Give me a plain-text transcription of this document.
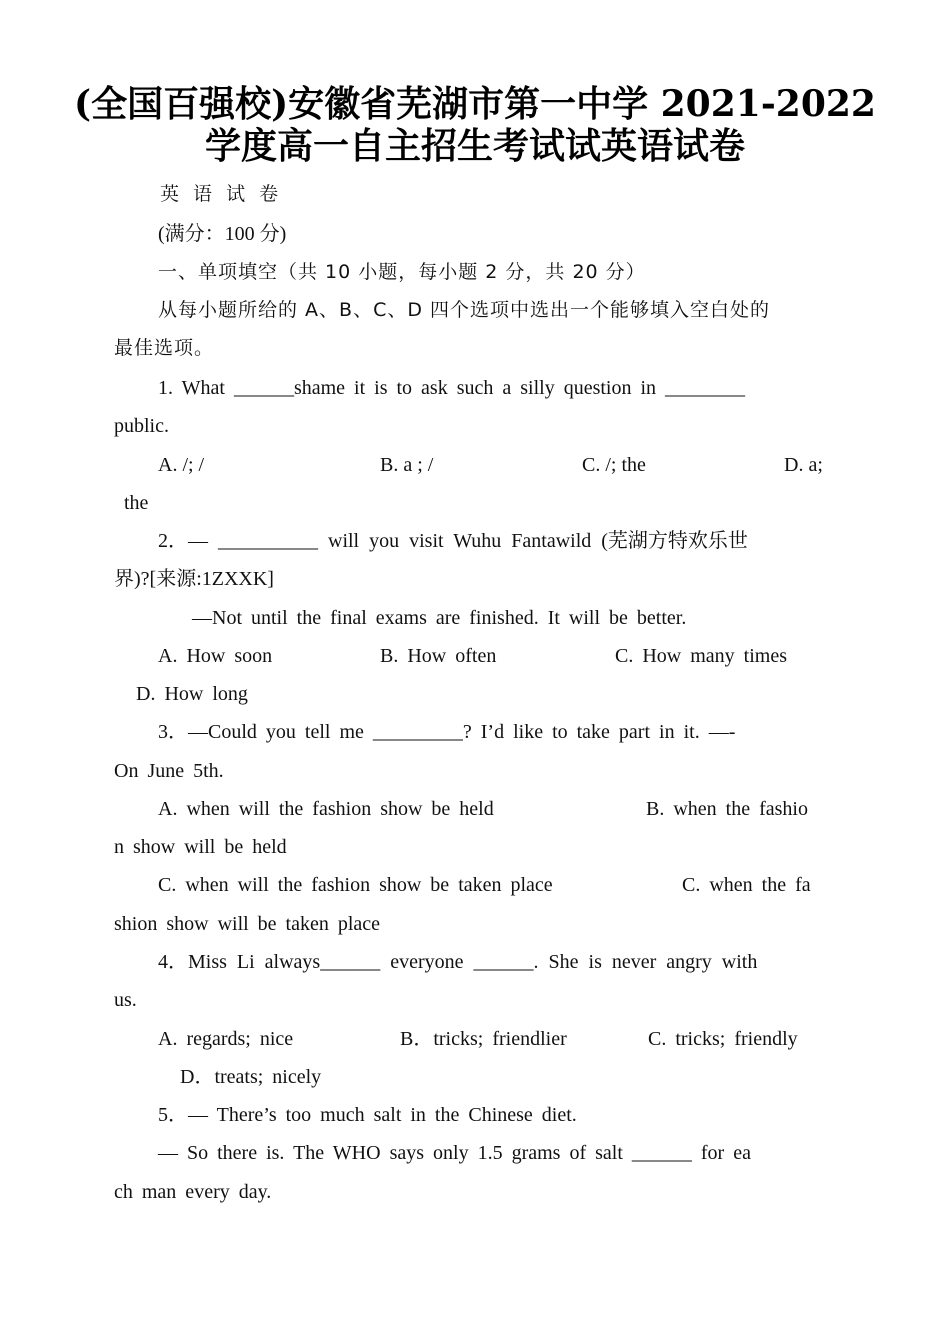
(全国百强校)安徽省芜湖市第一中学 2021-2022
学度高一自主招生考试试英语试卷
英 语 试 卷
(满分：100 分)
一、单项填空（共 10 小题，每小题 2 分，共 20 分）
从每小题所给的 A、B、C、D 四个选项中选出一个能够填入空白处的
最佳选项。
1. What ______shame it is to ask such a silly question in ________
public.
A. /; /	B. a ; /	C. /; the	D. a;
the
2．— __________ will you visit Wuhu Fantawild (芜湖方特欢乐世
界)?[来源:1ZXXK]
—Not until the final exams are finished. It will be better.
A. How soon	B. How often	C. How many times
D. How long
3．—Could you tell me _________? I’d like to take part in it. —-
On June 5th.
A. when will the fashion show be held	B. when the fashio
n show will be held
C. when will the fashion show be taken place	C. when the fa
shion show will be taken place
4．Miss Li always______ everyone ______. She is never angry with
us.
A. regards; nice	B．tricks; friendlier	C. tricks; friendly
D．treats; nicely
5．— There’s too much salt in the Chinese diet.
— So there is. The WHO says only 1.5 grams of salt ______ for ea
ch man every day.
